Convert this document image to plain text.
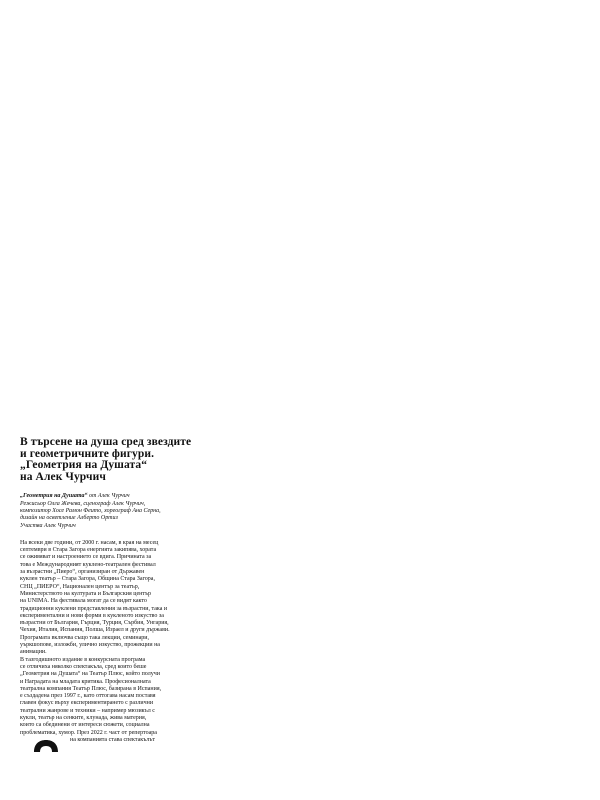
В търсене на душа сред звездите
и геометричните фигури.
„Геометрия на Душата“
на Алек Чурчич
„Геометрия на Душата“ от Алек Чурчич
Режисьор Олга Жечева, сценограф Алек Чурчич,
композитор Хосе Рамон Феито, хореограф Ана Серна,
дизайн на осветление Алберто Ортиз
Участва Алек Чурчич
На всеки две години, от 2000 г. насам, в края на месец
септември в Стара Загора енергията закипява, хората
се оживяват и настроението се вдига. Причината за
това е Международният кукленo-театрален фестивал
за възрастни „Пиеро“, организиран от Държавен
куклен театър – Стара Загора, Община Стара Загора,
СНЦ „ПИЕРО“, Национален център за театър,
Министерството на културата и Българския център
на UNIMA. На фестивала могат да се видят както
традиционни куклени представления за възрастни, така и
експериментални и нови форми в кукленото изкуство за
възрастни от България, Гърция, Турция, Сърбия, Унгария,
Чехия, Италия, Испания, Полша, Израел и други държави.
Програмата включва също така лекции, семинари,
уъркшопове, изложби, уличнo изкуство, прожекции на
анимации.
В тазгодишното издание в конкурсната програма
се отличиха няколко спектакъла, сред които беше
„Геометрия на Душата“ на Театър Плюс, който получи
и Наградата на младата критика. Професионалната
театрална компания Театър Плюс, базирана в Испания,
е създадена през 1997 г., като оттогава насам поставя
главен фокус върху експериментирането с различни
театрални жанрове и техники – например мюзикъл с
кукли, театър на сенките, клунада, жива материя,
които са обединени от интереси сюжети, социална
проблематика, хумор. През 2022 г. част от репертоара
на компанията става спектакълът
